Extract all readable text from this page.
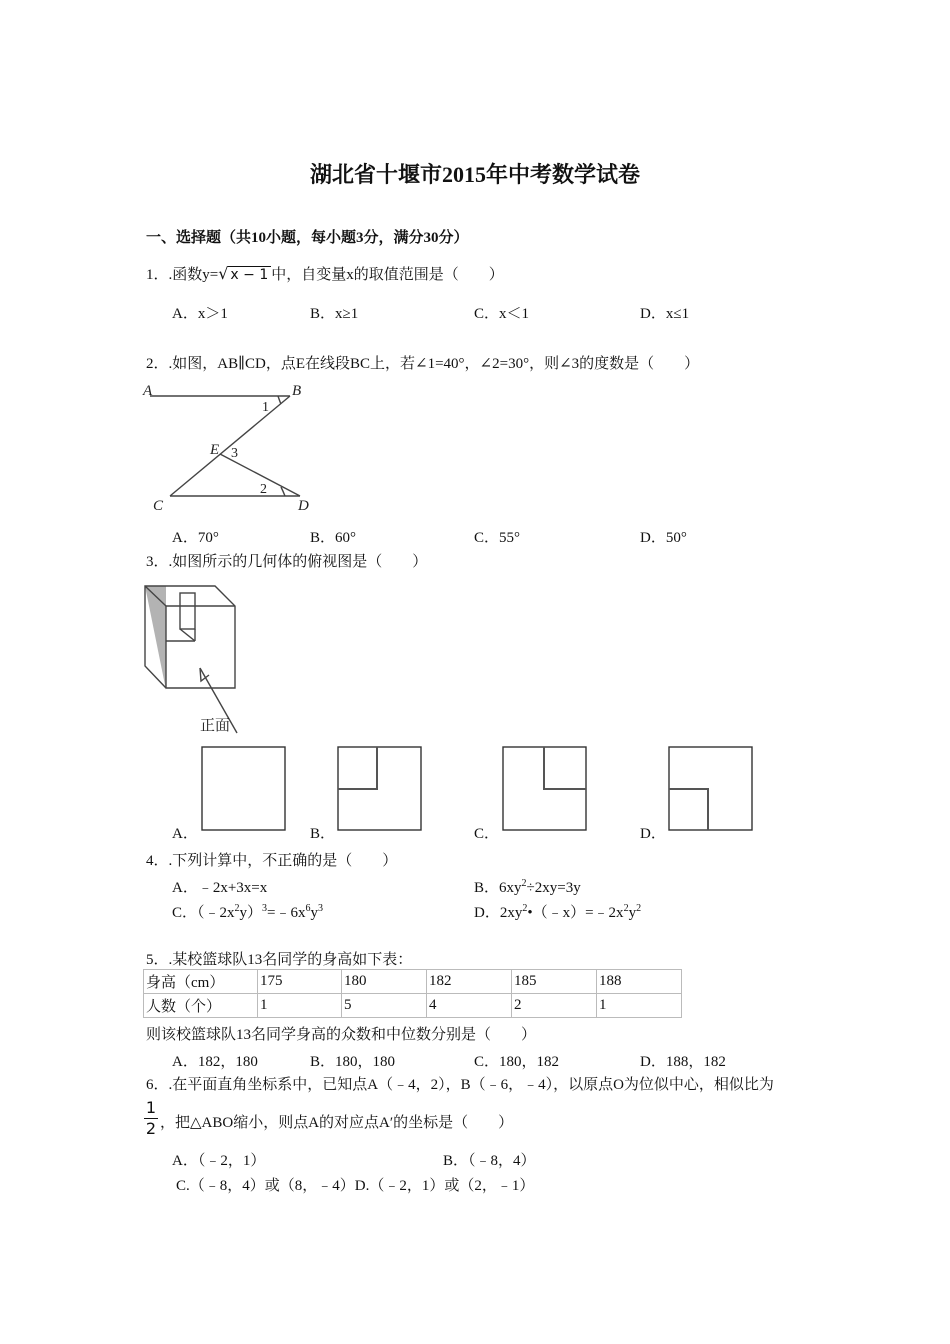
湖北省十堰市2015年中考数学试卷
一、选择题（共10小题，每小题3分，满分30分）
1．.函数y=√ x − 1 中，自变量x的取值范围是（　　）
A．x＞1	B．x≥1	C．x＜1	D．x≤1
2．.如图，AB∥CD，点E在线段BC上，若∠1=40°，∠2=30°，则∠3的度数是（　　）
A	B
C	D
E
1
2
3
A．70°	B．60°	C．55°	D．50°
3．.如图所示的几何体的俯视图是（　　）
正面
A．	B．	C．	D．
4．.下列计算中，不正确的是（　　）
A．﹣2x+3x=x	B．$6xy^2\div 2xy=3y$
C．$(﹣2x^2y)^3=﹣6x^6y^3$	D．$2xy^2•(﹣x)=﹣2x^2y^2$
5．.某校篮球队13名同学的身高如下表：
身高（cm）	175	180	182	185	188
人数（个）	1	5	4	2	1
则该校篮球队13名同学身高的众数和中位数分别是（　　）
A．182，180	B．180，180	C．180，182	D．188，182
6．.在平面直角坐标系中，已知点A（﹣4，2），B（﹣6，﹣4），以原点O为位似中心，相似比为
$\frac{1}{2}$ ，把△ABO缩小，则点A的对应点A′的坐标是（　　）
A．（﹣2，1）	B．（﹣8，4）
C.（﹣8，4）或（8，﹣4）D.（﹣2，1）或（2，﹣1）
